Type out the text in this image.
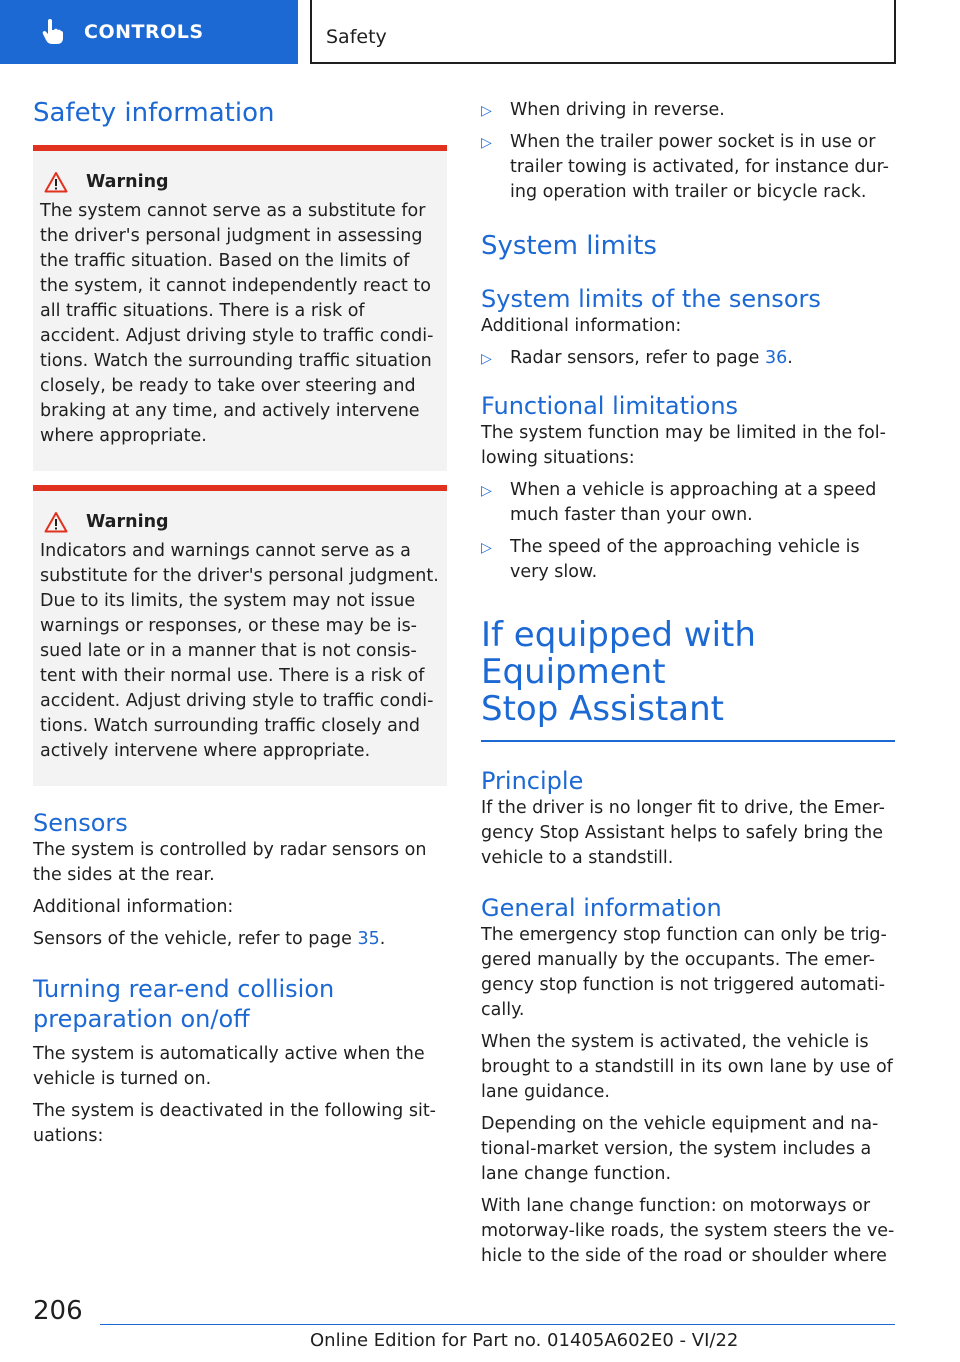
CONTROLS	Safety
Safety information
Warning

The system cannot serve as a substitute for the driver's personal judgment in assessing the traffic situation. Based on the limits of the system, it cannot independently react to all traffic situations. There is a risk of accident. Adjust driving style to traffic condi- tions. Watch the surrounding traffic situation closely, be ready to take over steering and braking at any time, and actively intervene where appropriate.

Warning

Indicators and warnings cannot serve as a substitute for the driver's personal judgment. Due to its limits, the system may not issue warnings or responses, or these may be is- sued late or in a manner that is not consis- tent with their normal use. There is a risk of accident. Adjust driving style to traffic condi- tions. Watch surrounding traffic closely and actively intervene where appropriate.

Sensors

The system is controlled by radar sensors on the sides at the rear.

Additional information:

Sensors of the vehicle, refer to page 35.

Turning rear-end collision
preparation on/off

The system is automatically active when the vehicle is turned on.

The system is deactivated in the following sit- uations:

▷ When driving in reverse.
▷ When the trailer power socket is in use or trailer towing is activated, for instance dur- ing operation with trailer or bicycle rack.
System limits
System limits of the sensors

Additional information:

▷ Radar sensors, refer to page 36.
Functional limitations

The system function may be limited in the fol- lowing situations:

▷ When a vehicle is approaching at a speed much faster than your own.
▷ The speed of the approaching vehicle is very slow.
If equipped with Equipment
Stop Assistant
Principle

If the driver is no longer fit to drive, the Emer- gency Stop Assistant helps to safely bring the vehicle to a standstill.

General information

The emergency stop function can only be trig- gered manually by the occupants. The emer- gency stop function is not triggered automati- cally.

When the system is activated, the vehicle is brought to a standstill in its own lane by use of lane guidance.

Depending on the vehicle equipment and na- tional-market version, the system includes a lane change function.

With lane change function: on motorways or motorway-like roads, the system steers the ve- hicle to the side of the road or shoulder where

206
Online Edition for Part no. 01405A602E0 - VI/22
